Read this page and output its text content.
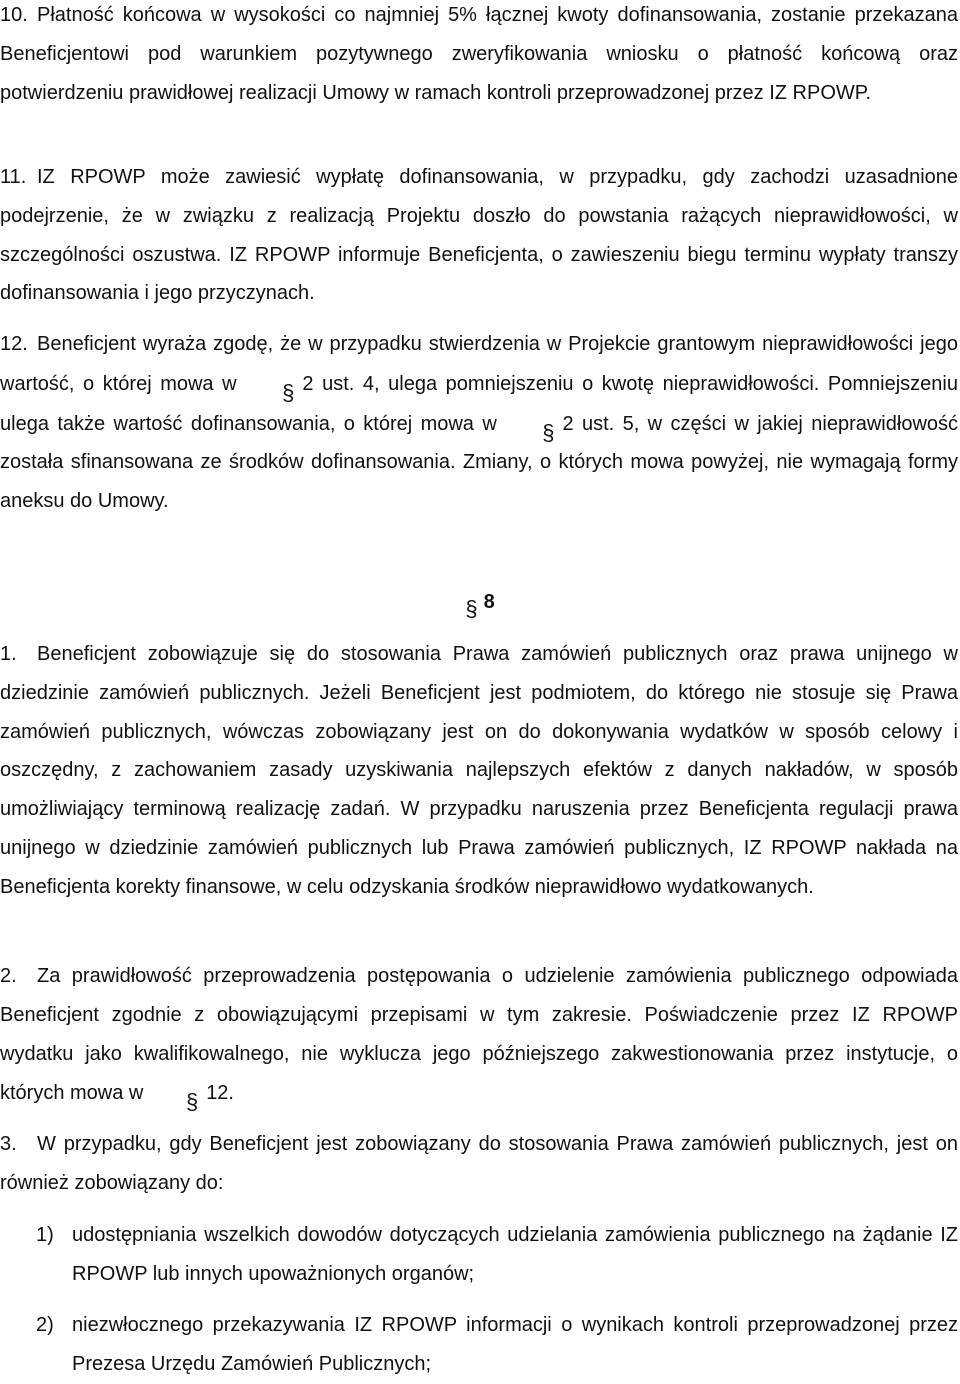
10. Płatność końcowa w wysokości co najmniej 5% łącznej kwoty dofinansowania, zostanie przekazana Beneficjentowi pod warunkiem pozytywnego zweryfikowania wniosku o płatność końcową oraz potwierdzeniu prawidłowej realizacji Umowy w ramach kontroli przeprowadzonej przez IZ RPOWP.
11. IZ RPOWP może zawiesić wypłatę dofinansowania, w przypadku, gdy zachodzi uzasadnione podejrzenie, że w związku z realizacją Projektu doszło do powstania rażących nieprawidłowości, w szczególności oszustwa. IZ RPOWP informuje Beneficjenta, o zawieszeniu biegu terminu wypłaty transzy dofinansowania i jego przyczynach.
12. Beneficjent wyraża zgodę, że w przypadku stwierdzenia w Projekcie grantowym nieprawidłowości jego wartość, o której mowa w § 2 ust. 4, ulega pomniejszeniu o kwotę nieprawidłowości. Pomniejszeniu ulega także wartość dofinansowania, o której mowa w § 2 ust. 5, w części w jakiej nieprawidłowość została sfinansowana ze środków dofinansowania. Zmiany, o których mowa powyżej, nie wymagają formy aneksu do Umowy.
§ 8
1.	Beneficjent zobowiązuje się do stosowania Prawa zamówień publicznych oraz prawa unijnego w dziedzinie zamówień publicznych. Jeżeli Beneficjent jest podmiotem, do którego nie stosuje się Prawa zamówień publicznych, wówczas zobowiązany jest on do dokonywania wydatków w sposób celowy i oszczędny, z zachowaniem zasady uzyskiwania najlepszych efektów z danych nakładów, w sposób umożliwiający terminową realizację zadań. W przypadku naruszenia przez Beneficjenta regulacji prawa unijnego w dziedzinie zamówień publicznych lub Prawa zamówień publicznych, IZ RPOWP nakłada na Beneficjenta korekty finansowe, w celu odzyskania środków nieprawidłowo wydatkowanych.
2.	Za prawidłowość przeprowadzenia postępowania o udzielenie zamówienia publicznego odpowiada Beneficjent zgodnie z obowiązującymi przepisami w tym zakresie. Poświadczenie przez IZ RPOWP wydatku jako kwalifikowalnego, nie wyklucza jego późniejszego zakwestionowania przez instytucje, o których mowa w § 12.
3.	W przypadku, gdy Beneficjent jest zobowiązany do stosowania Prawa zamówień publicznych, jest on również zobowiązany do:
1) udostępniania wszelkich dowodów dotyczących udzielania zamówienia publicznego na żądanie IZ RPOWP lub innych upoważnionych organów;
2) niezwłocznego przekazywania IZ RPOWP informacji o wynikach kontroli przeprowadzonej przez Prezesa Urzędu Zamówień Publicznych;
